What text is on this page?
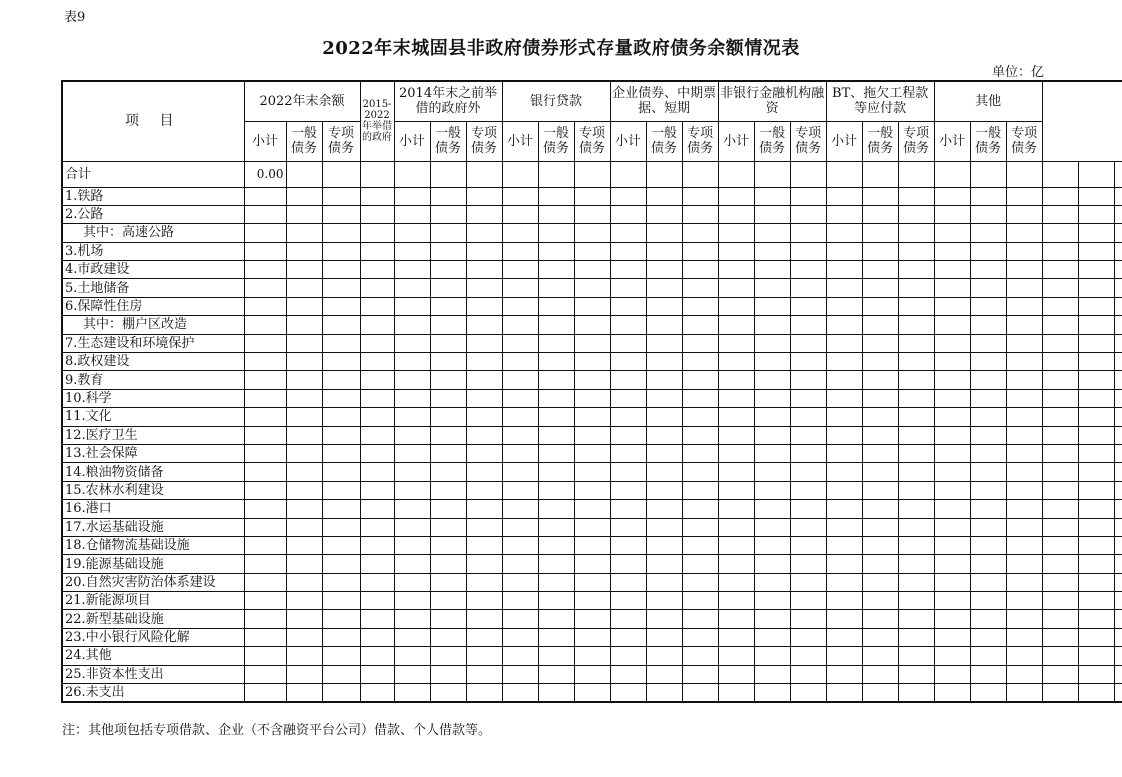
表9
2022年末城固县非政府债券形式存量政府债务余额情况表
单位：亿
项 目	2022年末余额			2015-2022年举借的政府	2014年末之前举借的政府外			银行贷款			企业债券、中期票据、短期			非银行金融机构融资			BT、拖欠工程款等应付款			其他					
	小计	一般债务	专项债务		小计	一般债务	专项债务	小计	一般债务	专项债务	小计	一般债务	专项债务	小计	一般债务	专项债务	小计	一般债务	专项债务	小计	一般债务	专项债务			
合计	0.00																								
1.铁路																									
2.公路																									
其中：高速公路																									
3.机场																									
4.市政建设																									
5.土地储备																									
6.保障性住房																									
其中：棚户区改造																									
7.生态建设和环境保护																									
8.政权建设																									
9.教育																									
10.科学																									
11.文化																									
12.医疗卫生																									
13.社会保障																									
14.粮油物资储备																									
15.农林水利建设																									
16.港口																									
17.水运基础设施																									
18.仓储物流基础设施																									
19.能源基础设施																									
20.自然灾害防治体系建设																									
21.新能源项目																									
22.新型基础设施																									
23.中小银行风险化解																									
24.其他																									
25.非资本性支出																									
26.未支出																									
注：其他项包括专项借款、企业（不含融资平台公司）借款、个人借款等。
